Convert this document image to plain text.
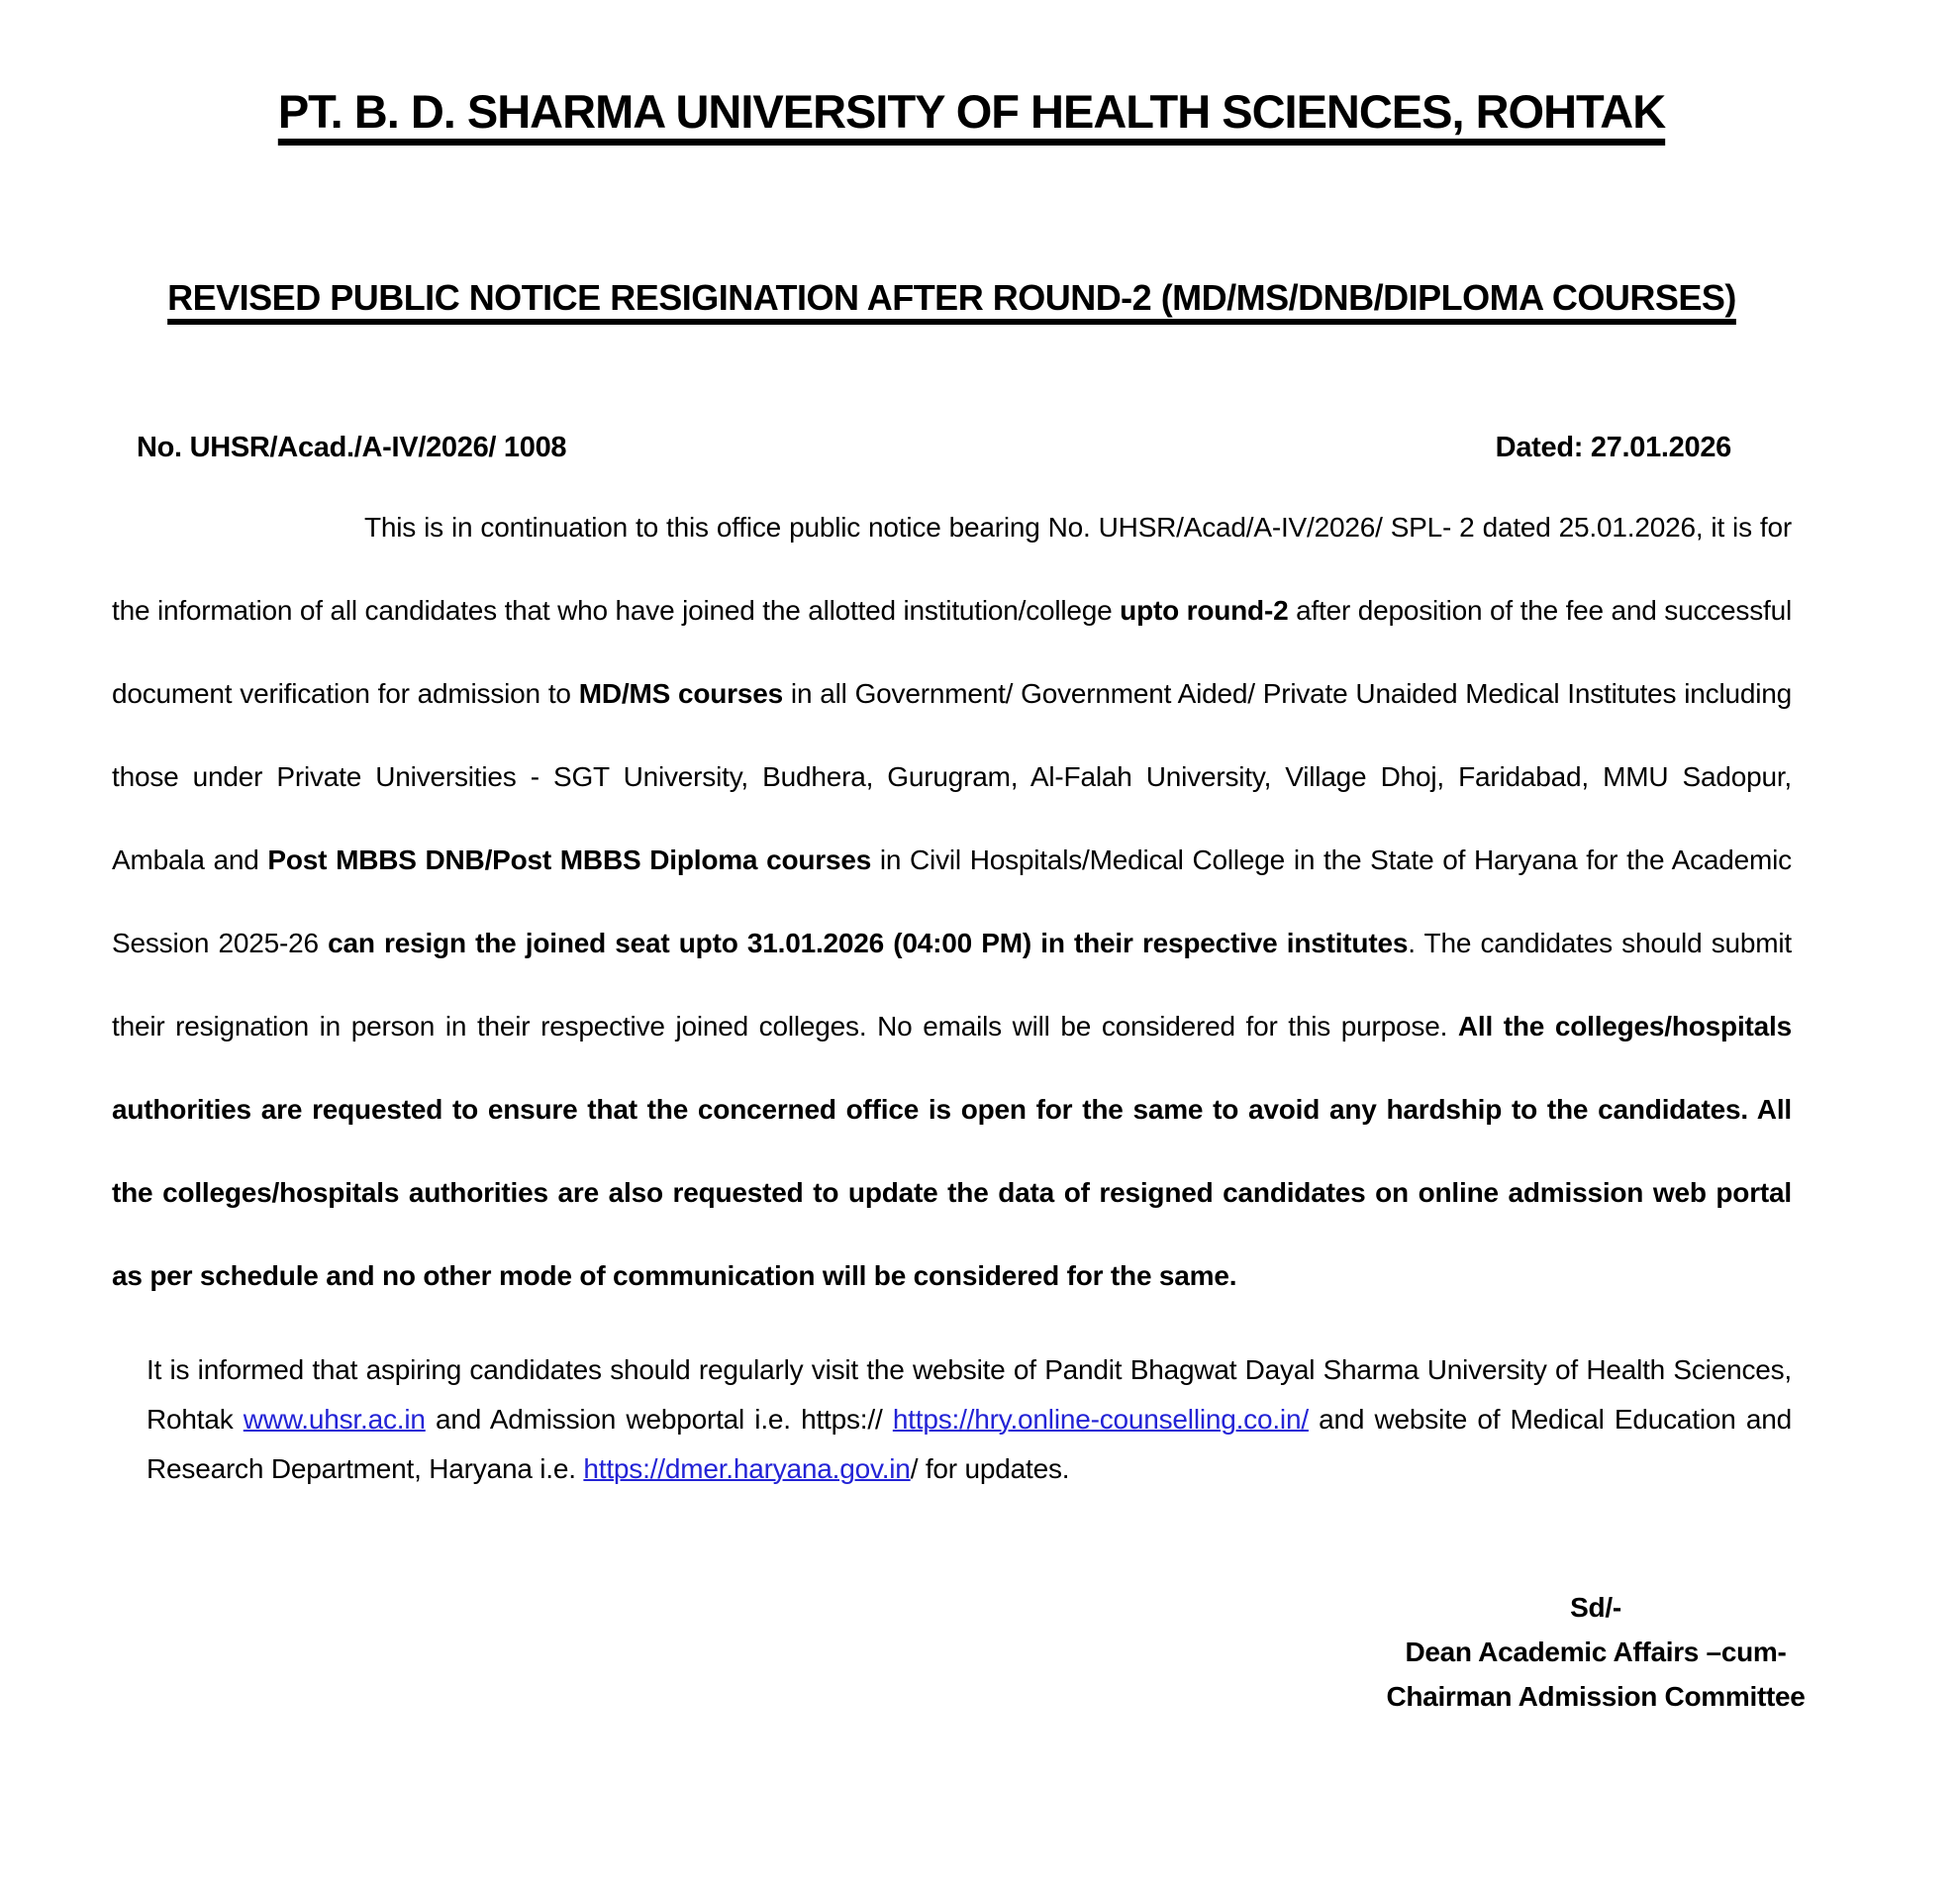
PT. B. D. SHARMA UNIVERSITY OF HEALTH SCIENCES, ROHTAK
REVISED PUBLIC NOTICE RESIGINATION AFTER ROUND-2 (MD/MS/DNB/DIPLOMA COURSES)
No. UHSR/Acad./A-IV/2026/ 1008	Dated: 27.01.2026

This is in continuation to this office public notice bearing No. UHSR/Acad/A-IV/2026/ SPL- 2 dated 25.01.2026, it is for the information of all candidates that who have joined the allotted institution/college upto round-2 after deposition of the fee and successful document verification for admission to MD/MS courses in all Government/ Government Aided/ Private Unaided Medical Institutes including those under Private Universities - SGT University, Budhera, Gurugram, Al-Falah University, Village Dhoj, Faridabad, MMU Sadopur, Ambala and Post MBBS DNB/Post MBBS Diploma courses in Civil Hospitals/Medical College in the State of Haryana for the Academic Session 2025-26 can resign the joined seat upto 31.01.2026 (04:00 PM) in their respective institutes. The candidates should submit their resignation in person in their respective joined colleges. No emails will be considered for this purpose. All the colleges/hospitals authorities are requested to ensure that the concerned office is open for the same to avoid any hardship to the candidates. All the colleges/hospitals authorities are also requested to update the data of resigned candidates on online admission web portal as per schedule and no other mode of communication will be considered for the same.

It is informed that aspiring candidates should regularly visit the website of Pandit Bhagwat Dayal Sharma University of Health Sciences, Rohtak www.uhsr.ac.in and Admission webportal i.e. https:// https://hry.online-counselling.co.in/ and website of Medical Education and Research Department, Haryana i.e. https://dmer.haryana.gov.in/ for updates.

Sd/-
Dean Academic Affairs –cum-
Chairman Admission Committee
